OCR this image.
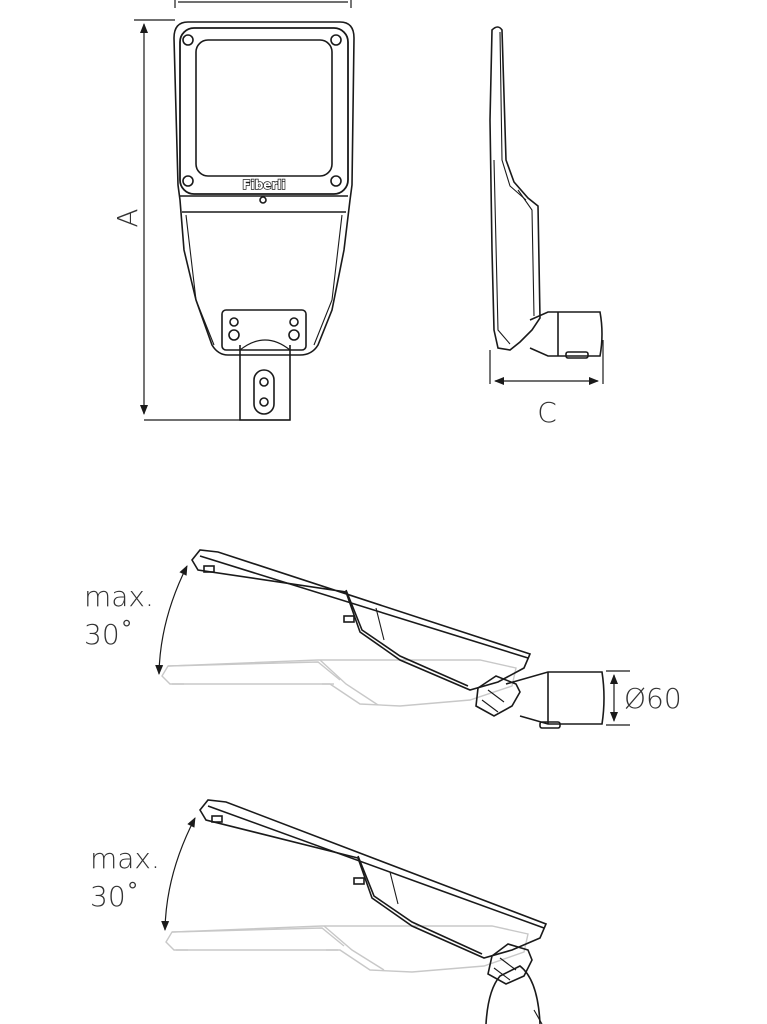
Fiberli
A
C
Ø60
max.
30˚
max.
30˚
